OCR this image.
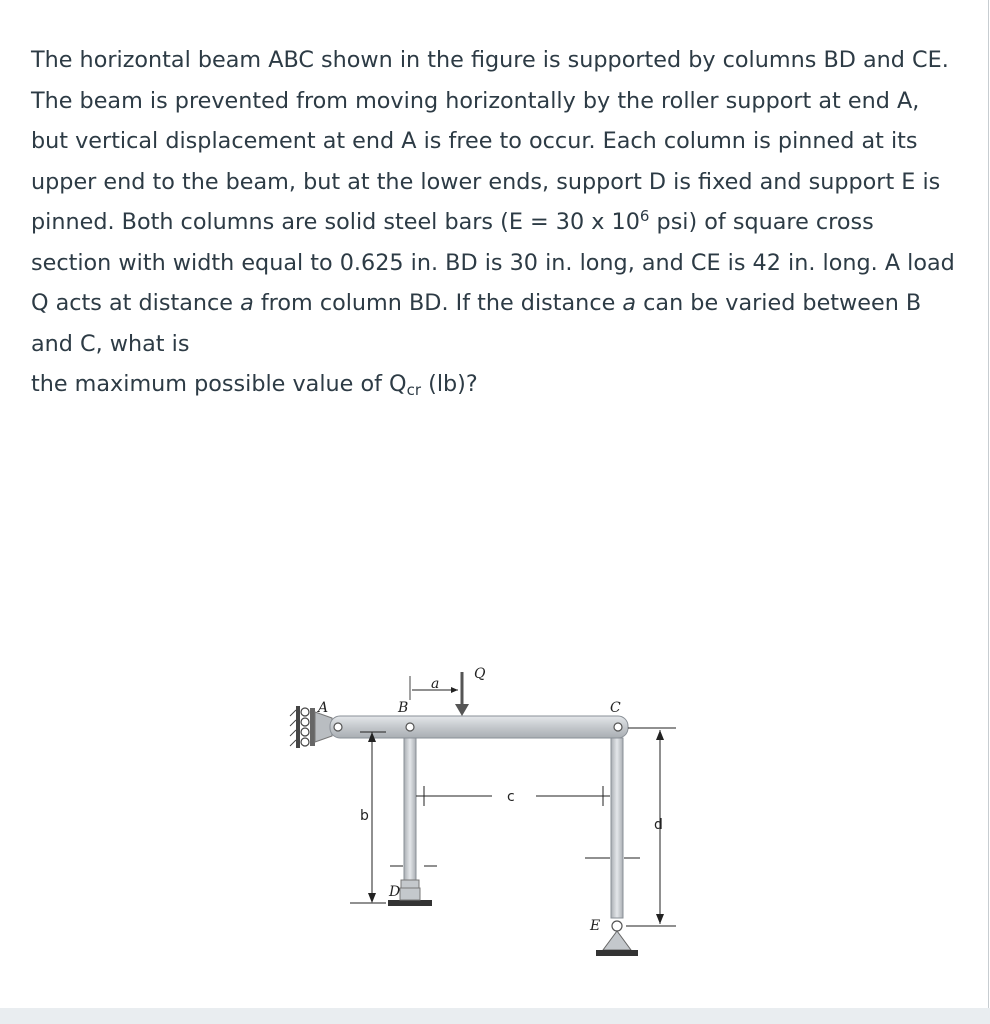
The horizontal beam ABC shown in the figure is supported by columns BD and CE. The beam is prevented from moving horizontally by the roller support at end A, but vertical displacement at end A is free to occur. Each column is pinned at its upper end to the beam, but at the lower ends, support D is fixed and support E is pinned. Both columns are solid steel bars (E = 30 x $10^6$ psi) of square cross section with width equal to 0.625 in. BD is 30 in. long, and CE is 42 in. long. A load Q acts at distance a from column BD. If the distance a can be varied between B and C, what is
the maximum possible value of $Q_{cr}$ (lb)?

A	B	C
D
E
Q
a
b
c
d
